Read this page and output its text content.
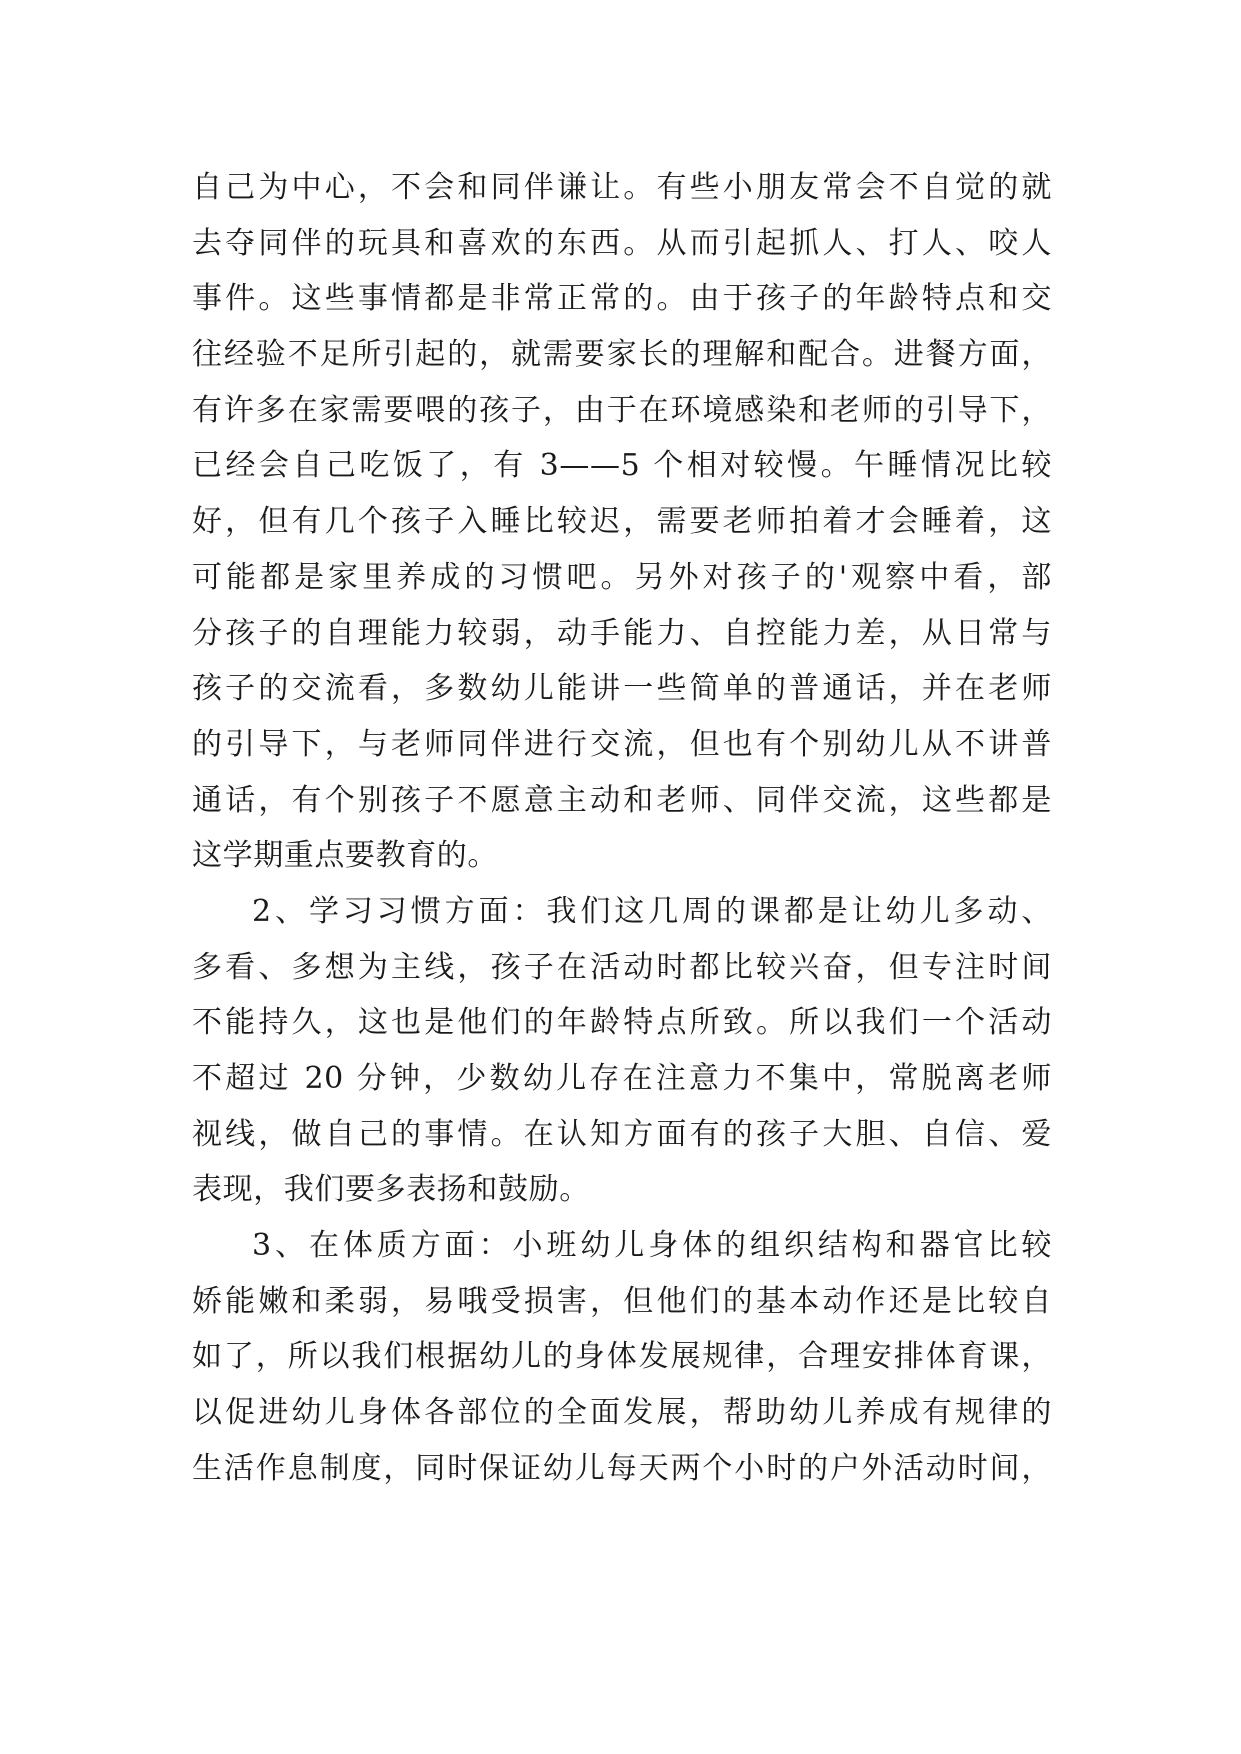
自己为中心，不会和同伴谦让。有些小朋友常会不自觉的就
去夺同伴的玩具和喜欢的东西。从而引起抓人、打人、咬人
事件。这些事情都是非常正常的。由于孩子的年龄特点和交
往经验不足所引起的，就需要家长的理解和配合。进餐方面，
有许多在家需要喂的孩子，由于在环境感染和老师的引导下，
已经会自己吃饭了，有 3——5 个相对较慢。午睡情况比较
好，但有几个孩子入睡比较迟，需要老师拍着才会睡着，这
可能都是家里养成的习惯吧。另外对孩子的'观察中看，部
分孩子的自理能力较弱，动手能力、自控能力差，从日常与
孩子的交流看，多数幼儿能讲一些简单的普通话，并在老师
的引导下，与老师同伴进行交流，但也有个别幼儿从不讲普
通话，有个别孩子不愿意主动和老师、同伴交流，这些都是
这学期重点要教育的。
2、学习习惯方面：我们这几周的课都是让幼儿多动、
多看、多想为主线，孩子在活动时都比较兴奋，但专注时间
不能持久，这也是他们的年龄特点所致。所以我们一个活动
不超过 20 分钟，少数幼儿存在注意力不集中，常脱离老师
视线，做自己的事情。在认知方面有的孩子大胆、自信、爱
表现，我们要多表扬和鼓励。
3、在体质方面：小班幼儿身体的组织结构和器官比较
娇能嫩和柔弱，易哦受损害，但他们的基本动作还是比较自
如了，所以我们根据幼儿的身体发展规律，合理安排体育课，
以促进幼儿身体各部位的全面发展，帮助幼儿养成有规律的
生活作息制度，同时保证幼儿每天两个小时的户外活动时间，
